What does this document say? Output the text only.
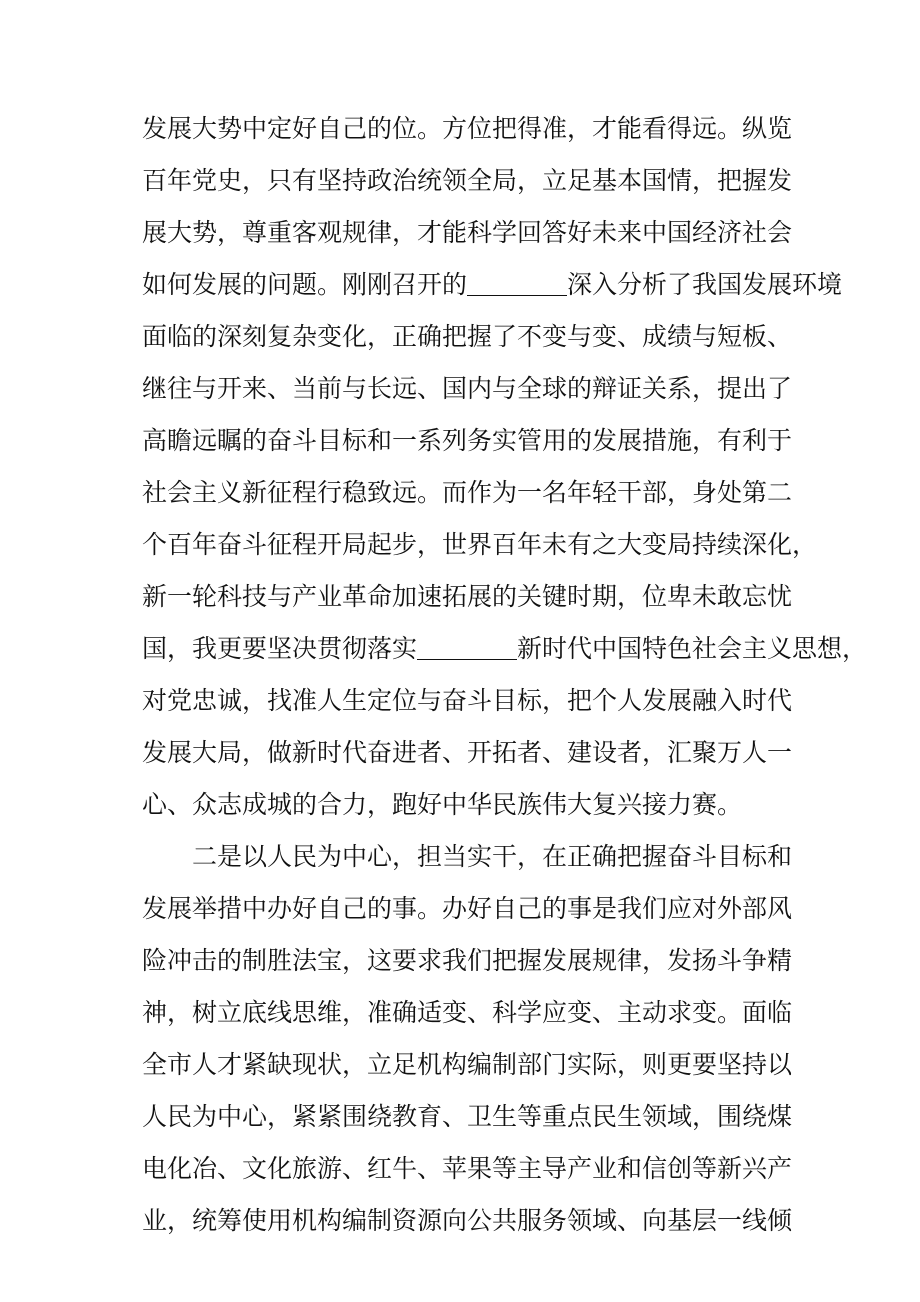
发展大势中定好自己的位。方位把得准，才能看得远。纵览
百年党史，只有坚持政治统领全局，立足基本国情，把握发
展大势，尊重客观规律，才能科学回答好未来中国经济社会
如何发展的问题。刚刚召开的＿＿＿＿深入分析了我国发展环境
面临的深刻复杂变化，正确把握了不变与变、成绩与短板、
继往与开来、当前与长远、国内与全球的辩证关系，提出了
高瞻远瞩的奋斗目标和一系列务实管用的发展措施，有利于
社会主义新征程行稳致远。而作为一名年轻干部，身处第二
个百年奋斗征程开局起步，世界百年未有之大变局持续深化，
新一轮科技与产业革命加速拓展的关键时期，位卑未敢忘忧
国，我更要坚决贯彻落实＿＿＿＿新时代中国特色社会主义思想，
对党忠诚，找准人生定位与奋斗目标，把个人发展融入时代
发展大局，做新时代奋进者、开拓者、建设者，汇聚万人一
心、众志成城的合力，跑好中华民族伟大复兴接力赛。
二是以人民为中心，担当实干，在正确把握奋斗目标和
发展举措中办好自己的事。办好自己的事是我们应对外部风
险冲击的制胜法宝，这要求我们把握发展规律，发扬斗争精
神，树立底线思维，准确适变、科学应变、主动求变。面临
全市人才紧缺现状，立足机构编制部门实际，则更要坚持以
人民为中心，紧紧围绕教育、卫生等重点民生领域，围绕煤
电化冶、文化旅游、红牛、苹果等主导产业和信创等新兴产
业，统筹使用机构编制资源向公共服务领域、向基层一线倾
